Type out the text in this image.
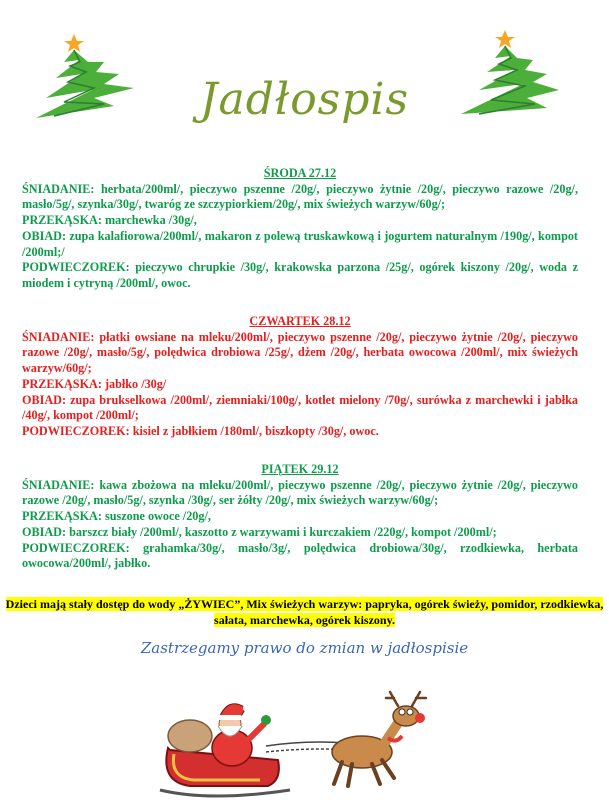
Jadłospis
ŚRODA 27.12

ŚNIADANIE: herbata/200ml/, pieczywo pszenne /20g/, pieczywo żytnie /20g/, pieczywo razowe /20g/, masło/5g/, szynka/30g/, twaróg ze szczypiorkiem/20g/, mix świeżych warzyw/60g/;

PRZEKĄSKA: marchewka /30g/,

OBIAD: zupa kalafiorowa/200ml/, makaron z polewą truskawkową i jogurtem naturalnym /190g/, kompot /200ml;/

PODWIECZOREK: pieczywo chrupkie /30g/, krakowska parzona /25g/, ogórek kiszony /20g/, woda z miodem i cytryną /200ml/, owoc.

CZWARTEK 28.12

ŚNIADANIE: płatki owsiane na mleku/200ml/, pieczywo pszenne /20g/, pieczywo żytnie /20g/, pieczywo razowe /20g/, masło/5g/, polędwica drobiowa /25g/, dżem /20g/, herbata owocowa /200ml/, mix świeżych warzyw/60g/;

PRZEKĄSKA: jabłko /30g/

OBIAD: zupa brukselkowa /200ml/, ziemniaki/100g/, kotlet mielony /70g/, surówka z marchewki i jabłka /40g/, kompot /200ml/;

PODWIECZOREK: kisiel z jabłkiem /180ml/, biszkopty /30g/, owoc.

PIĄTEK 29.12

ŚNIADANIE: kawa zbożowa na mleku/200ml/, pieczywo pszenne /20g/, pieczywo żytnie /20g/, pieczywo razowe /20g/, masło/5g/, szynka /30g/, ser żółty /20g/, mix świeżych warzyw/60g/;

PRZEKĄSKA: suszone owoce /20g/,

OBIAD: barszcz biały /200ml/, kaszotto z warzywami i kurczakiem /220g/, kompot /200ml/;

PODWIECZOREK: grahamka/30g/, masło/3g/, polędwica drobiowa/30g/, rzodkiewka, herbata owocowa/200ml/, jabłko.

Dzieci mają stały dostęp do wody „ŻYWIEC”, Mix świeżych warzyw: papryka, ogórek świeży, pomidor, rzodkiewka, sałata, marchewka, ogórek kiszony.
Zastrzegamy prawo do zmian w jadłospisie
